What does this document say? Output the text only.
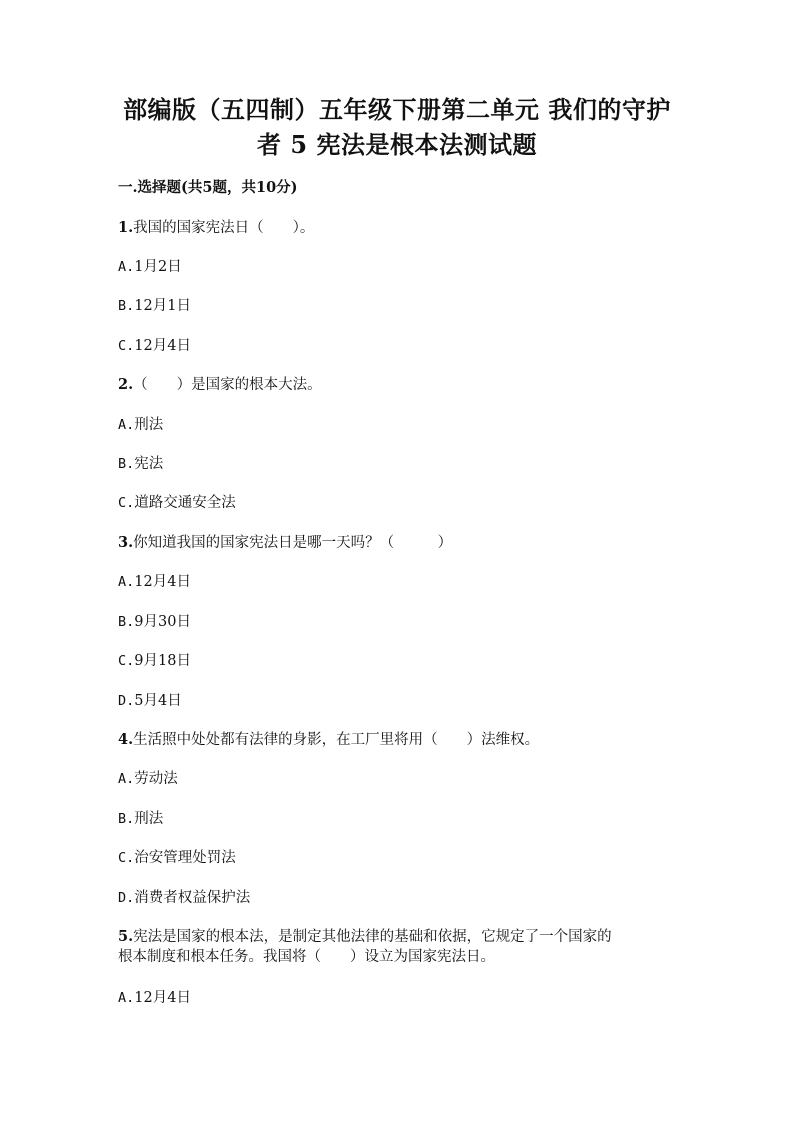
部编版（五四制）五年级下册第二单元 我们的守护
者 5 宪法是根本法测试题
一.选择题(共5题，共10分)
1.我国的国家宪法日（　　）。
A.1月2日
B.12月1日
C.12月4日
2.（　　）是国家的根本大法。
A.刑法
B.宪法
C.道路交通安全法
3.你知道我国的国家宪法日是哪一天吗？（　　　）
A.12月4日
B.9月30日
C.9月18日
D.5月4日
4.生活照中处处都有法律的身影，在工厂里将用（　　）法维权。
A.劳动法
B.刑法
C.治安管理处罚法
D.消费者权益保护法
5.宪法是国家的根本法，是制定其他法律的基础和依据，它规定了一个国家的
根本制度和根本任务。我国将（　　）设立为国家宪法日。
A.12月4日
